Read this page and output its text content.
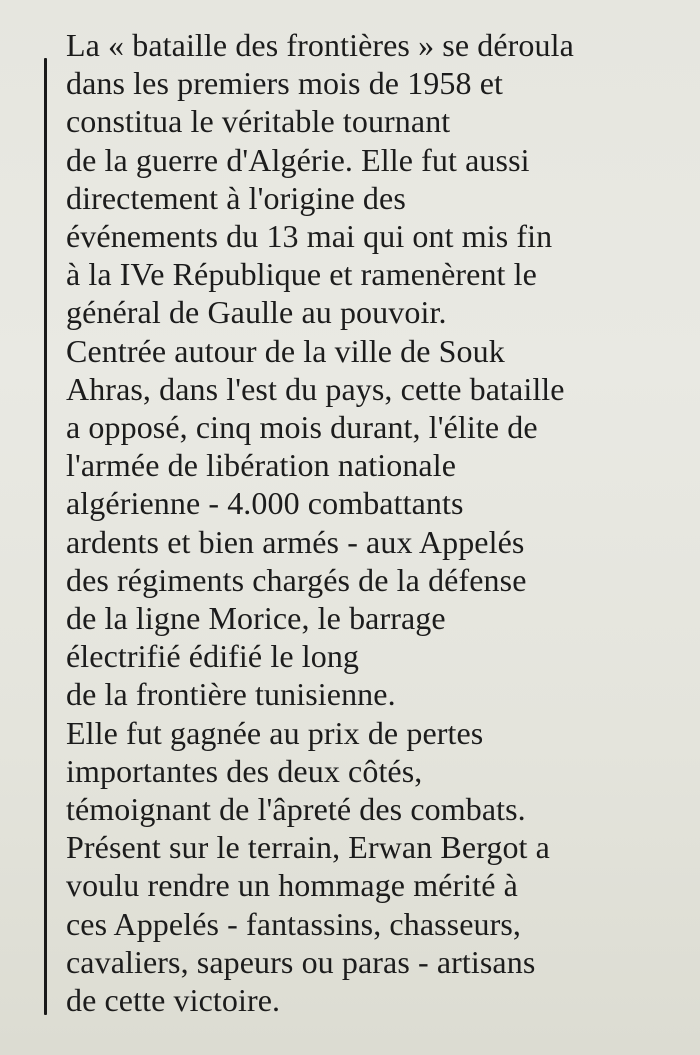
La « bataille des frontières » se déroula
dans les premiers mois de 1958 et
constitua le véritable tournant
de la guerre d'Algérie. Elle fut aussi
directement à l'origine des
événements du 13 mai qui ont mis fin
à la IVe République et ramenèrent le
général de Gaulle au pouvoir.
Centrée autour de la ville de Souk
Ahras, dans l'est du pays, cette bataille
a opposé, cinq mois durant, l'élite de
l'armée de libération nationale
algérienne - 4.000 combattants
ardents et bien armés - aux Appelés
des régiments chargés de la défense
de la ligne Morice, le barrage
électrifié édifié le long
de la frontière tunisienne.
Elle fut gagnée au prix de pertes
importantes des deux côtés,
témoignant de l'âpreté des combats.
Présent sur le terrain, Erwan Bergot a
voulu rendre un hommage mérité à
ces Appelés - fantassins, chasseurs,
cavaliers, sapeurs ou paras - artisans
de cette victoire.
